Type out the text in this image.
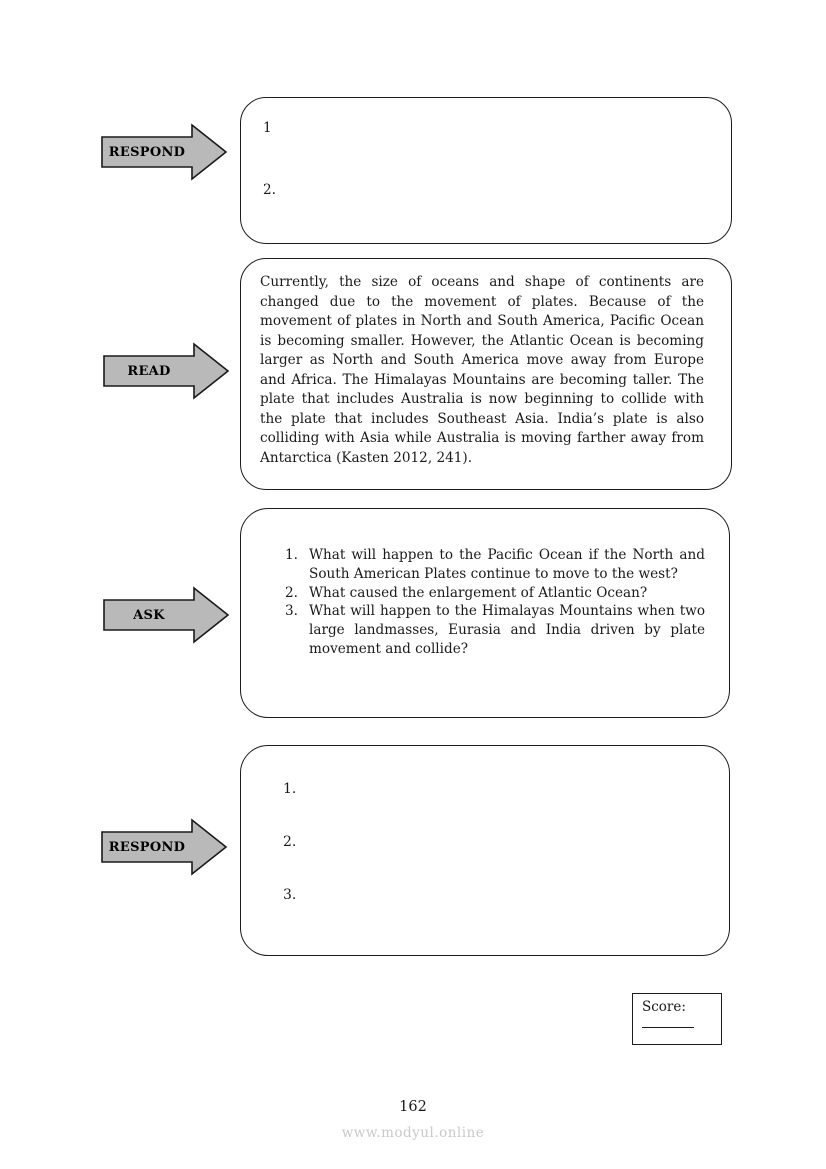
RESPOND
1
2.
READ

Currently, the size of oceans and shape of continents are changed due to the movement of plates. Because of the movement of plates in North and South America, Pacific Ocean is becoming smaller. However, the Atlantic Ocean is becoming larger as North and South America move away from Europe and Africa. The Himalayas Mountains are becoming taller. The plate that includes Australia is now beginning to collide with the plate that includes Southeast Asia. India’s plate is also colliding with Asia while Australia is moving farther away from Antarctica (Kasten 2012, 241).

ASK
1. What will happen to the Pacific Ocean if the North and South American Plates continue to move to the west?
2. What caused the enlargement of Atlantic Ocean?
3. What will happen to the Himalayas Mountains when two large landmasses, Eurasia and India driven by plate movement and collide?
RESPOND
1.
2.
3.
Score:
162
www.modyul.online
